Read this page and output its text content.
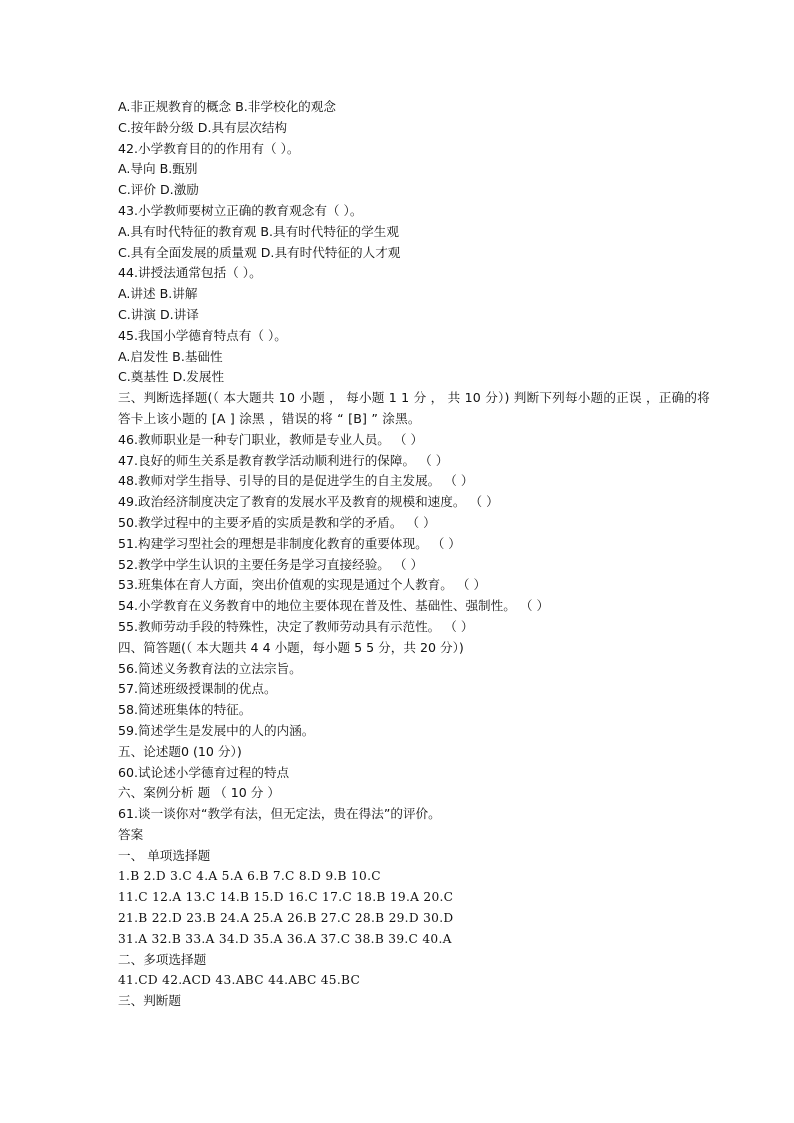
A.非正规教育的概念 B.非学校化的观念
C.按年龄分级 D.具有层次结构
42.小学教育目的的作用有（ ）。
A.导向 B.甄别
C.评价 D.激励
43.小学教师要树立正确的教育观念有（ ）。
A.具有时代特征的教育观 B.具有时代特征的学生观
C.具有全面发展的质量观 D.具有时代特征的人才观
44.讲授法通常包括（ ）。
A.讲述 B.讲解
C.讲演 D.讲译
45.我国小学德育特点有（ ）。
A.启发性 B.基础性
C.奠基性 D.发展性
三、判断选择题(（ 本大题共 10 小题 ， 每小题 1 1 分 ， 共 10 分）) 判断下列每小题的正误 ，正确的将答卡上该小题的 [A ] 涂黑 ，错误的将 “ [B] ” 涂黑。
46.教师职业是一种专门职业，教师是专业人员。 （ ）
47.良好的师生关系是教育教学活动顺利进行的保障。 （ ）
48.教师对学生指导、引导的目的是促进学生的自主发展。 （ ）
49.政治经济制度决定了教育的发展水平及教育的规模和速度。 （ ）
50.教学过程中的主要矛盾的实质是教和学的矛盾。 （ ）
51.构建学习型社会的理想是非制度化教育的重要体现。 （ ）
52.教学中学生认识的主要任务是学习直接经验。 （ ）
53.班集体在育人方面，突出价值观的实现是通过个人教育。 （ ）
54.小学教育在义务教育中的地位主要体现在普及性、基础性、强制性。 （ ）
55.教师劳动手段的特殊性，决定了教师劳动具有示范性。 （ ）
四、简答题(（ 本大题共 4 4 小题，每小题 5 5 分，共 20 分）)
56.简述义务教育法的立法宗旨。
57.简述班级授课制的优点。
58.简述班集体的特征。
59.简述学生是发展中的人的内涵。
五、论述题0 (10 分）)
60.试论述小学德育过程的特点
六、案例分析 题 （ 10 分 ）
61.谈一谈你对“教学有法，但无定法，贵在得法”的评价。
答案
一、 单项选择题
1.B 2.D 3.C 4.A 5.A 6.B 7.C 8.D 9.B 10.C
11.C 12.A 13.C 14.B 15.D 16.C 17.C 18.B 19.A 20.C
21.B 22.D 23.B 24.A 25.A 26.B 27.C 28.B 29.D 30.D
31.A 32.B 33.A 34.D 35.A 36.A 37.C 38.B 39.C 40.A
二、多项选择题
41.CD 42.ACD 43.ABC 44.ABC 45.BC
三、判断题
